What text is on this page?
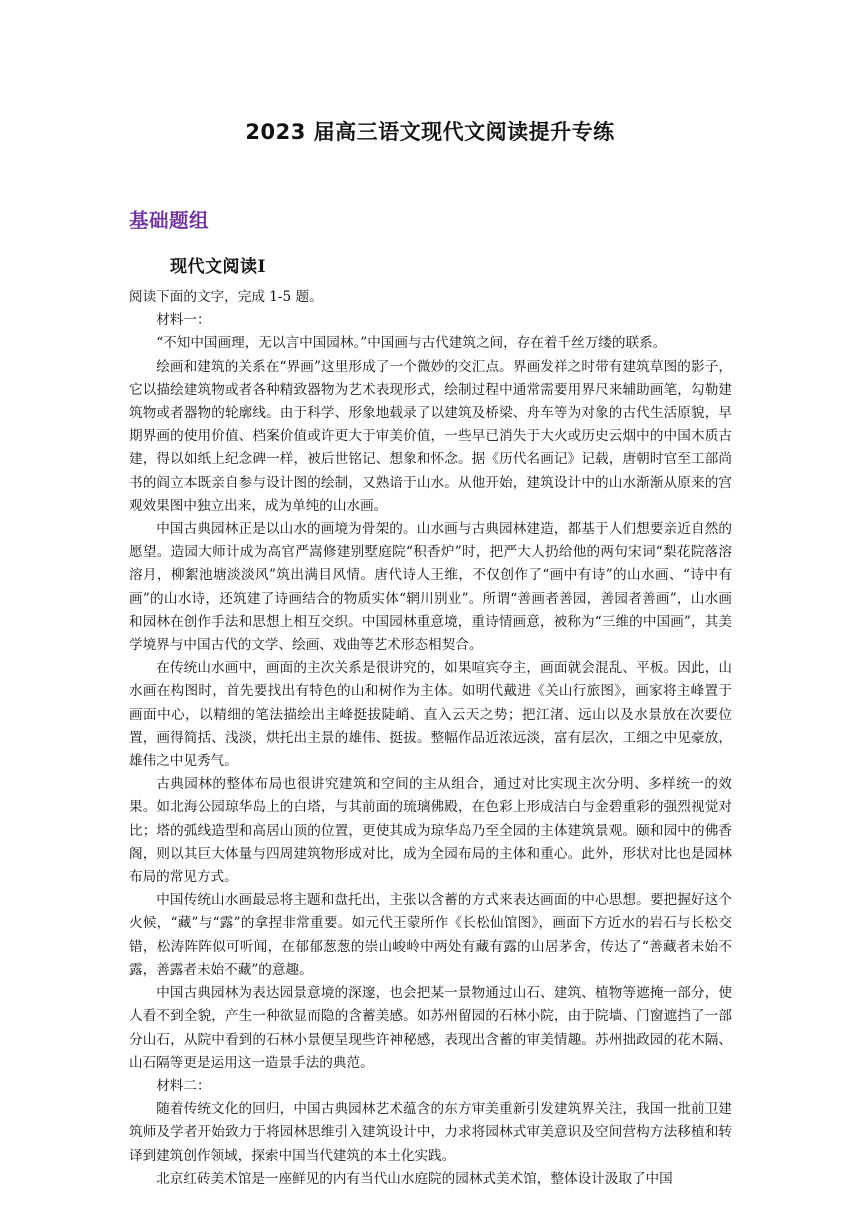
2023 届高三语文现代文阅读提升专练
基础题组
现代文阅读Ⅰ

阅读下面的文字，完成 1-5 题。

材料一：

“不知中国画理，无以言中国园林。”中国画与古代建筑之间，存在着千丝万缕的联系。

绘画和建筑的关系在“界画”这里形成了一个微妙的交汇点。界画发祥之时带有建筑草图的影子，它以描绘建筑物或者各种精致器物为艺术表现形式，绘制过程中通常需要用界尺来辅助画笔，勾勒建筑物或者器物的轮廓线。由于科学、形象地载录了以建筑及桥梁、舟车等为对象的古代生活原貌，早期界画的使用价值、档案价值或许更大于审美价值，一些早已消失于大火或历史云烟中的中国木质古建，得以如纸上纪念碑一样，被后世铭记、想象和怀念。据《历代名画记》记载，唐朝时官至工部尚书的阎立本既亲自参与设计图的绘制，又熟谙于山水。从他开始，建筑设计中的山水渐渐从原来的宫观效果图中独立出来，成为单纯的山水画。

中国古典园林正是以山水的画境为骨架的。山水画与古典园林建造，都基于人们想要亲近自然的愿望。造园大师计成为高官严嵩修建别墅庭院“积香炉”时，把严大人扔给他的两句宋词“梨花院落溶溶月，柳絮池塘淡淡风”筑出满目风情。唐代诗人王维，不仅创作了“画中有诗”的山水画、“诗中有画”的山水诗，还筑建了诗画结合的物质实体“辋川别业”。所谓“善画者善园，善园者善画”，山水画和园林在创作手法和思想上相互交织。中国园林重意境，重诗情画意，被称为“三维的中国画”，其美学境界与中国古代的文学、绘画、戏曲等艺术形态相契合。

在传统山水画中，画面的主次关系是很讲究的，如果喧宾夺主，画面就会混乱、平板。因此，山水画在构图时，首先要找出有特色的山和树作为主体。如明代戴进《关山行旅图》，画家将主峰置于画面中心，以精细的笔法描绘出主峰挺拔陡峭、直入云天之势；把江渚、远山以及水景放在次要位置，画得简括、浅淡，烘托出主景的雄伟、挺拔。整幅作品近浓远淡，富有层次，工细之中见豪放，雄伟之中见秀气。

古典园林的整体布局也很讲究建筑和空间的主从组合，通过对比实现主次分明、多样统一的效果。如北海公园琼华岛上的白塔，与其前面的琉璃佛殿，在色彩上形成洁白与金碧重彩的强烈视觉对比；塔的弧线造型和高居山顶的位置，更使其成为琼华岛乃至全园的主体建筑景观。颐和园中的佛香阁，则以其巨大体量与四周建筑物形成对比，成为全园布局的主体和重心。此外，形状对比也是园林布局的常见方式。

中国传统山水画最忌将主题和盘托出，主张以含蓄的方式来表达画面的中心思想。要把握好这个火候，“藏”与“露”的拿捏非常重要。如元代王蒙所作《长松仙馆图》，画面下方近水的岩石与长松交错，松涛阵阵似可听闻，在郁郁葱葱的崇山峻岭中两处有藏有露的山居茅舍，传达了“善藏者未始不露，善露者未始不藏”的意趣。

中国古典园林为表达园景意境的深邃，也会把某一景物通过山石、建筑、植物等遮掩一部分，使人看不到全貌，产生一种欲显而隐的含蓄美感。如苏州留园的石林小院，由于院墙、门窗遮挡了一部分山石，从院中看到的石林小景便呈现些许神秘感，表现出含蓄的审美情趣。苏州拙政园的花木隔、山石隔等更是运用这一造景手法的典范。

材料二：

随着传统文化的回归，中国古典园林艺术蕴含的东方审美重新引发建筑界关注，我国一批前卫建筑师及学者开始致力于将园林思维引入建筑设计中，力求将园林式审美意识及空间营构方法移植和转译到建筑创作领域，探索中国当代建筑的本土化实践。

北京红砖美术馆是一座鲜见的内有当代山水庭院的园林式美术馆，整体设计汲取了中国
